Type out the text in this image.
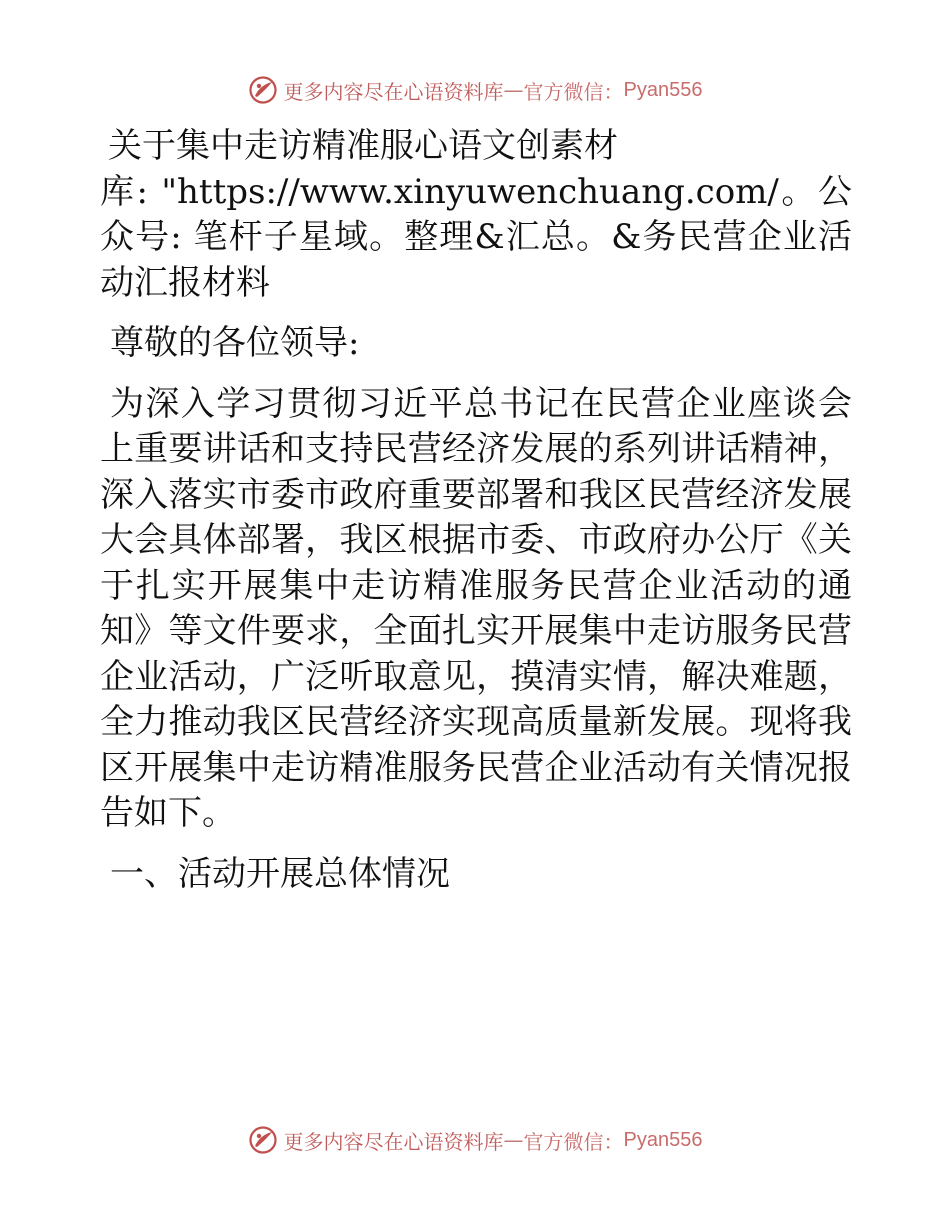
更多内容尽在心语资料库 — 官方微信： Pyan556

关于集中走访精准服心语文创素材
库: "https://www.xinyuwenchuang.com/。公众号: 笔杆子星域。整理&汇总。&务民营企业活动汇报材料

尊敬的各位领导:

为深入学习贯彻习近平总书记在民营企业座谈会上重要讲话和支持民营经济发展的系列讲话精神，深入落实市委市政府重要部署和我区民营经济发展大会具体部署，我区根据市委、市政府办公厅《关于扎实开展集中走访精准服务民营企业活动的通知》等文件要求，全面扎实开展集中走访服务民营企业活动，广泛听取意见，摸清实情，解决难题，全力推动我区民营经济实现高质量新发展。现将我区开展集中走访精准服务民营企业活动有关情况报告如下。

一、活动开展总体情况

更多内容尽在心语资料库 — 官方微信： Pyan556
